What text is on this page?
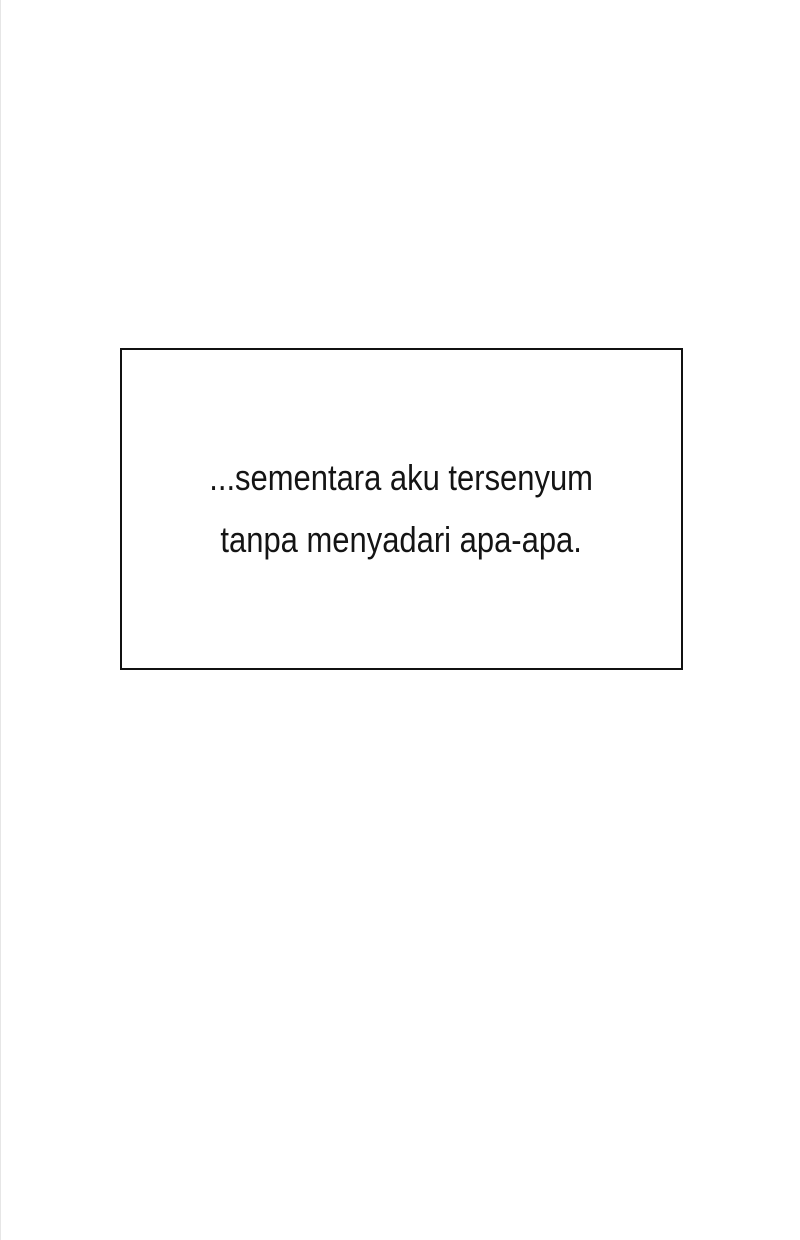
...sementara aku tersenyum
tanpa menyadari apa-apa.
